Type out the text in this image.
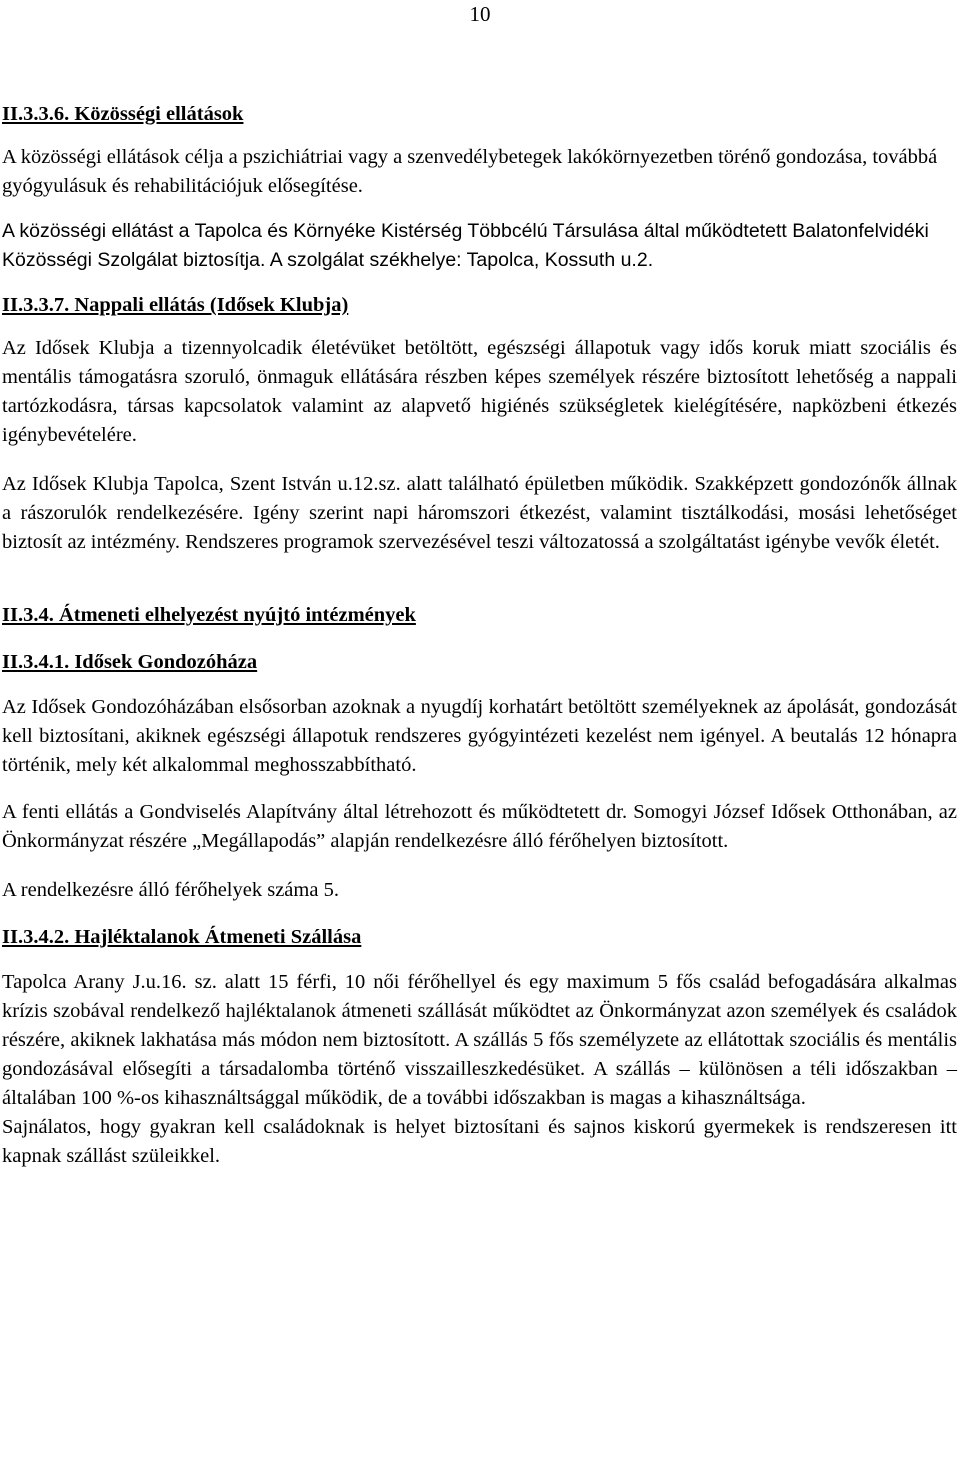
10
II.3.3.6. Közösségi ellátások

A közösségi ellátások célja a pszichiátriai vagy a szenvedélybetegek lakókörnyezetben törénő gondozása, továbbá gyógyulásuk és rehabilitációjuk elősegítése.

A közösségi ellátást a Tapolca és Környéke Kistérség Többcélú Társulása által működtetett Balatonfelvidéki Közösségi Szolgálat biztosítja. A szolgálat székhelye: Tapolca, Kossuth u.2.

II.3.3.7. Nappali ellátás (Idősek Klubja)

Az Idősek Klubja a tizennyolcadik életévüket betöltött, egészségi állapotuk vagy idős koruk miatt szociális és mentális támogatásra szoruló, önmaguk ellátására részben képes személyek részére biztosított lehetőség a nappali tartózkodásra, társas kapcsolatok valamint az alapvető higiénés szükségletek kielégítésére, napközbeni étkezés igénybevételére.

Az Idősek Klubja Tapolca, Szent István u.12.sz. alatt található épületben működik. Szakképzett gondozónők állnak a rászorulók rendelkezésére. Igény szerint napi háromszori étkezést, valamint tisztálkodási, mosási lehetőséget biztosít az intézmény. Rendszeres programok szervezésével teszi változatossá a szolgáltatást igénybe vevők életét.

II.3.4. Átmeneti elhelyezést nyújtó intézmények
II.3.4.1. Idősek Gondozóháza

Az Idősek Gondozóházában elsősorban azoknak a nyugdíj korhatárt betöltött személyeknek az ápolását, gondozását kell biztosítani, akiknek egészségi állapotuk rendszeres gyógyintézeti kezelést nem igényel. A beutalás 12 hónapra történik, mely két alkalommal meghosszabbítható.

A fenti ellátás a Gondviselés Alapítvány által létrehozott és működtetett dr. Somogyi József Idősek Otthonában, az Önkormányzat részére „Megállapodás” alapján rendelkezésre álló férőhelyen biztosított.

A rendelkezésre álló férőhelyek száma 5.

II.3.4.2. Hajléktalanok Átmeneti Szállása

Tapolca Arany J.u.16. sz. alatt 15 férfi, 10 női férőhellyel és egy maximum 5 fős család befogadására alkalmas krízis szobával rendelkező hajléktalanok átmeneti szállását működtet az Önkormányzat azon személyek és családok részére, akiknek lakhatása más módon nem biztosított. A szállás 5 fős személyzete az ellátottak szociális és mentális gondozásával elősegíti a társadalomba történő visszailleszkedésüket. A szállás – különösen a téli időszakban – általában 100 %-os kihasználtsággal működik, de a további időszakban is magas a kihasználtsága.

Sajnálatos, hogy gyakran kell családoknak is helyet biztosítani és sajnos kiskorú gyermekek is rendszeresen itt kapnak szállást szüleikkel.
